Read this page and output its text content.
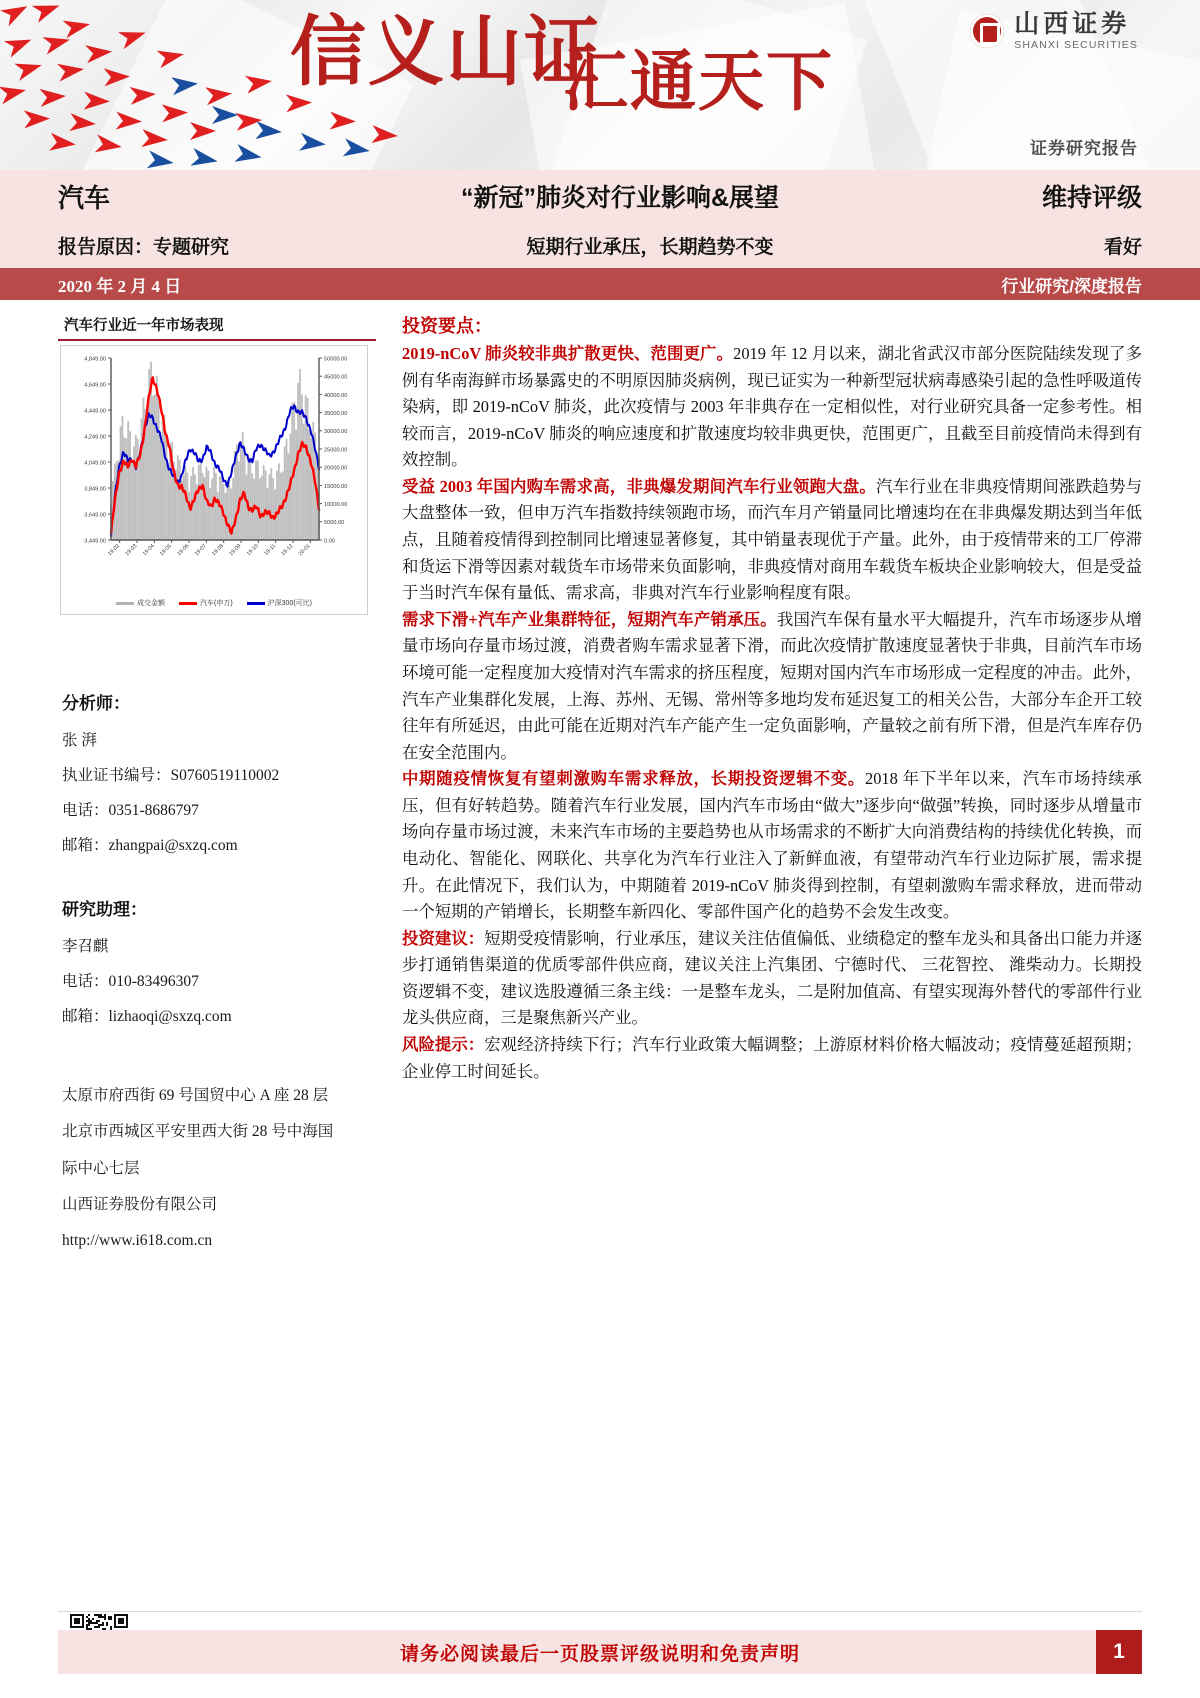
信义山证
汇通天下
山西证券
SHANXI SECURITIES
证券研究报告
汽车	“新冠”肺炎对行业影响&展望	维持评级
报告原因：专题研究	短期行业承压，长期趋势不变	看好
2020 年 2 月 4 日	行业研究/深度报告
汽车行业近一年市场表现
4,849.00
4,649.00
4,449.00
4,249.00
4,049.00
3,849.00
3,649.00
3,449.00
50000.00
45000.00
40000.00
35000.00
30000.00
25000.00
20000.00
15000.00
10000.00
5000.00
0.00
19-02 19-03 19-04 19-05 19-06 19-07 19-08 19-09 19-10 19-11 19-12 20-01
成交金额	汽车(申万)	沪深300(可比)
分析师：
张 湃
执业证书编号：S0760519110002
电话：0351-8686797
邮箱：zhangpai@sxzq.com
研究助理：
李召麒
电话：010-83496307
邮箱：lizhaoqi@sxzq.com
太原市府西街 69 号国贸中心 A 座 28 层
北京市西城区平安里西大街 28 号中海国
际中心七层
山西证券股份有限公司
http://www.i618.com.cn
投资要点：

2019-nCoV 肺炎较非典扩散更快、范围更广。2019 年 12 月以来，湖北省武汉市部分医院陆续发现了多例有华南海鲜市场暴露史的不明原因肺炎病例，现已证实为一种新型冠状病毒感染引起的急性呼吸道传染病，即 2019-nCoV 肺炎，此次疫情与 2003 年非典存在一定相似性，对行业研究具备一定参考性。相较而言，2019-nCoV 肺炎的响应速度和扩散速度均较非典更快，范围更广，且截至目前疫情尚未得到有效控制。

受益 2003 年国内购车需求高，非典爆发期间汽车行业领跑大盘。汽车行业在非典疫情期间涨跌趋势与大盘整体一致，但申万汽车指数持续领跑市场，而汽车月产销量同比增速均在在非典爆发期达到当年低点，且随着疫情得到控制同比增速显著修复，其中销量表现优于产量。此外，由于疫情带来的工厂停滞和货运下滑等因素对载货车市场带来负面影响，非典疫情对商用车载货车板块企业影响较大，但是受益于当时汽车保有量低、需求高，非典对汽车行业影响程度有限。

需求下滑+汽车产业集群特征，短期汽车产销承压。我国汽车保有量水平大幅提升，汽车市场逐步从增量市场向存量市场过渡，消费者购车需求显著下滑，而此次疫情扩散速度显著快于非典，目前汽车市场环境可能一定程度加大疫情对汽车需求的挤压程度，短期对国内汽车市场形成一定程度的冲击。此外，汽车产业集群化发展，上海、苏州、无锡、常州等多地均发布延迟复工的相关公告，大部分车企开工较往年有所延迟，由此可能在近期对汽车产能产生一定负面影响，产量较之前有所下滑，但是汽车库存仍在安全范围内。

中期随疫情恢复有望刺激购车需求释放，长期投资逻辑不变。2018 年下半年以来，汽车市场持续承压，但有好转趋势。随着汽车行业发展，国内汽车市场由“做大”逐步向“做强”转换，同时逐步从增量市场向存量市场过渡，未来汽车市场的主要趋势也从市场需求的不断扩大向消费结构的持续优化转换，而电动化、智能化、网联化、共享化为汽车行业注入了新鲜血液，有望带动汽车行业边际扩展，需求提升。在此情况下，我们认为，中期随着 2019-nCoV 肺炎得到控制，有望刺激购车需求释放，进而带动一个短期的产销增长，长期整车新四化、零部件国产化的趋势不会发生改变。

投资建议：短期受疫情影响，行业承压，建议关注估值偏低、业绩稳定的整车龙头和具备出口能力并逐步打通销售渠道的优质零部件供应商，建议关注上汽集团、宁德时代、 三花智控、 潍柴动力。长期投资逻辑不变，建议选股遵循三条主线：一是整车龙头，二是附加值高、有望实现海外替代的零部件行业龙头供应商，三是聚焦新兴产业。

风险提示：宏观经济持续下行；汽车行业政策大幅调整；上游原材料价格大幅波动；疫情蔓延超预期；企业停工时间延长。

请务必阅读最后一页股票评级说明和免责声明	1
